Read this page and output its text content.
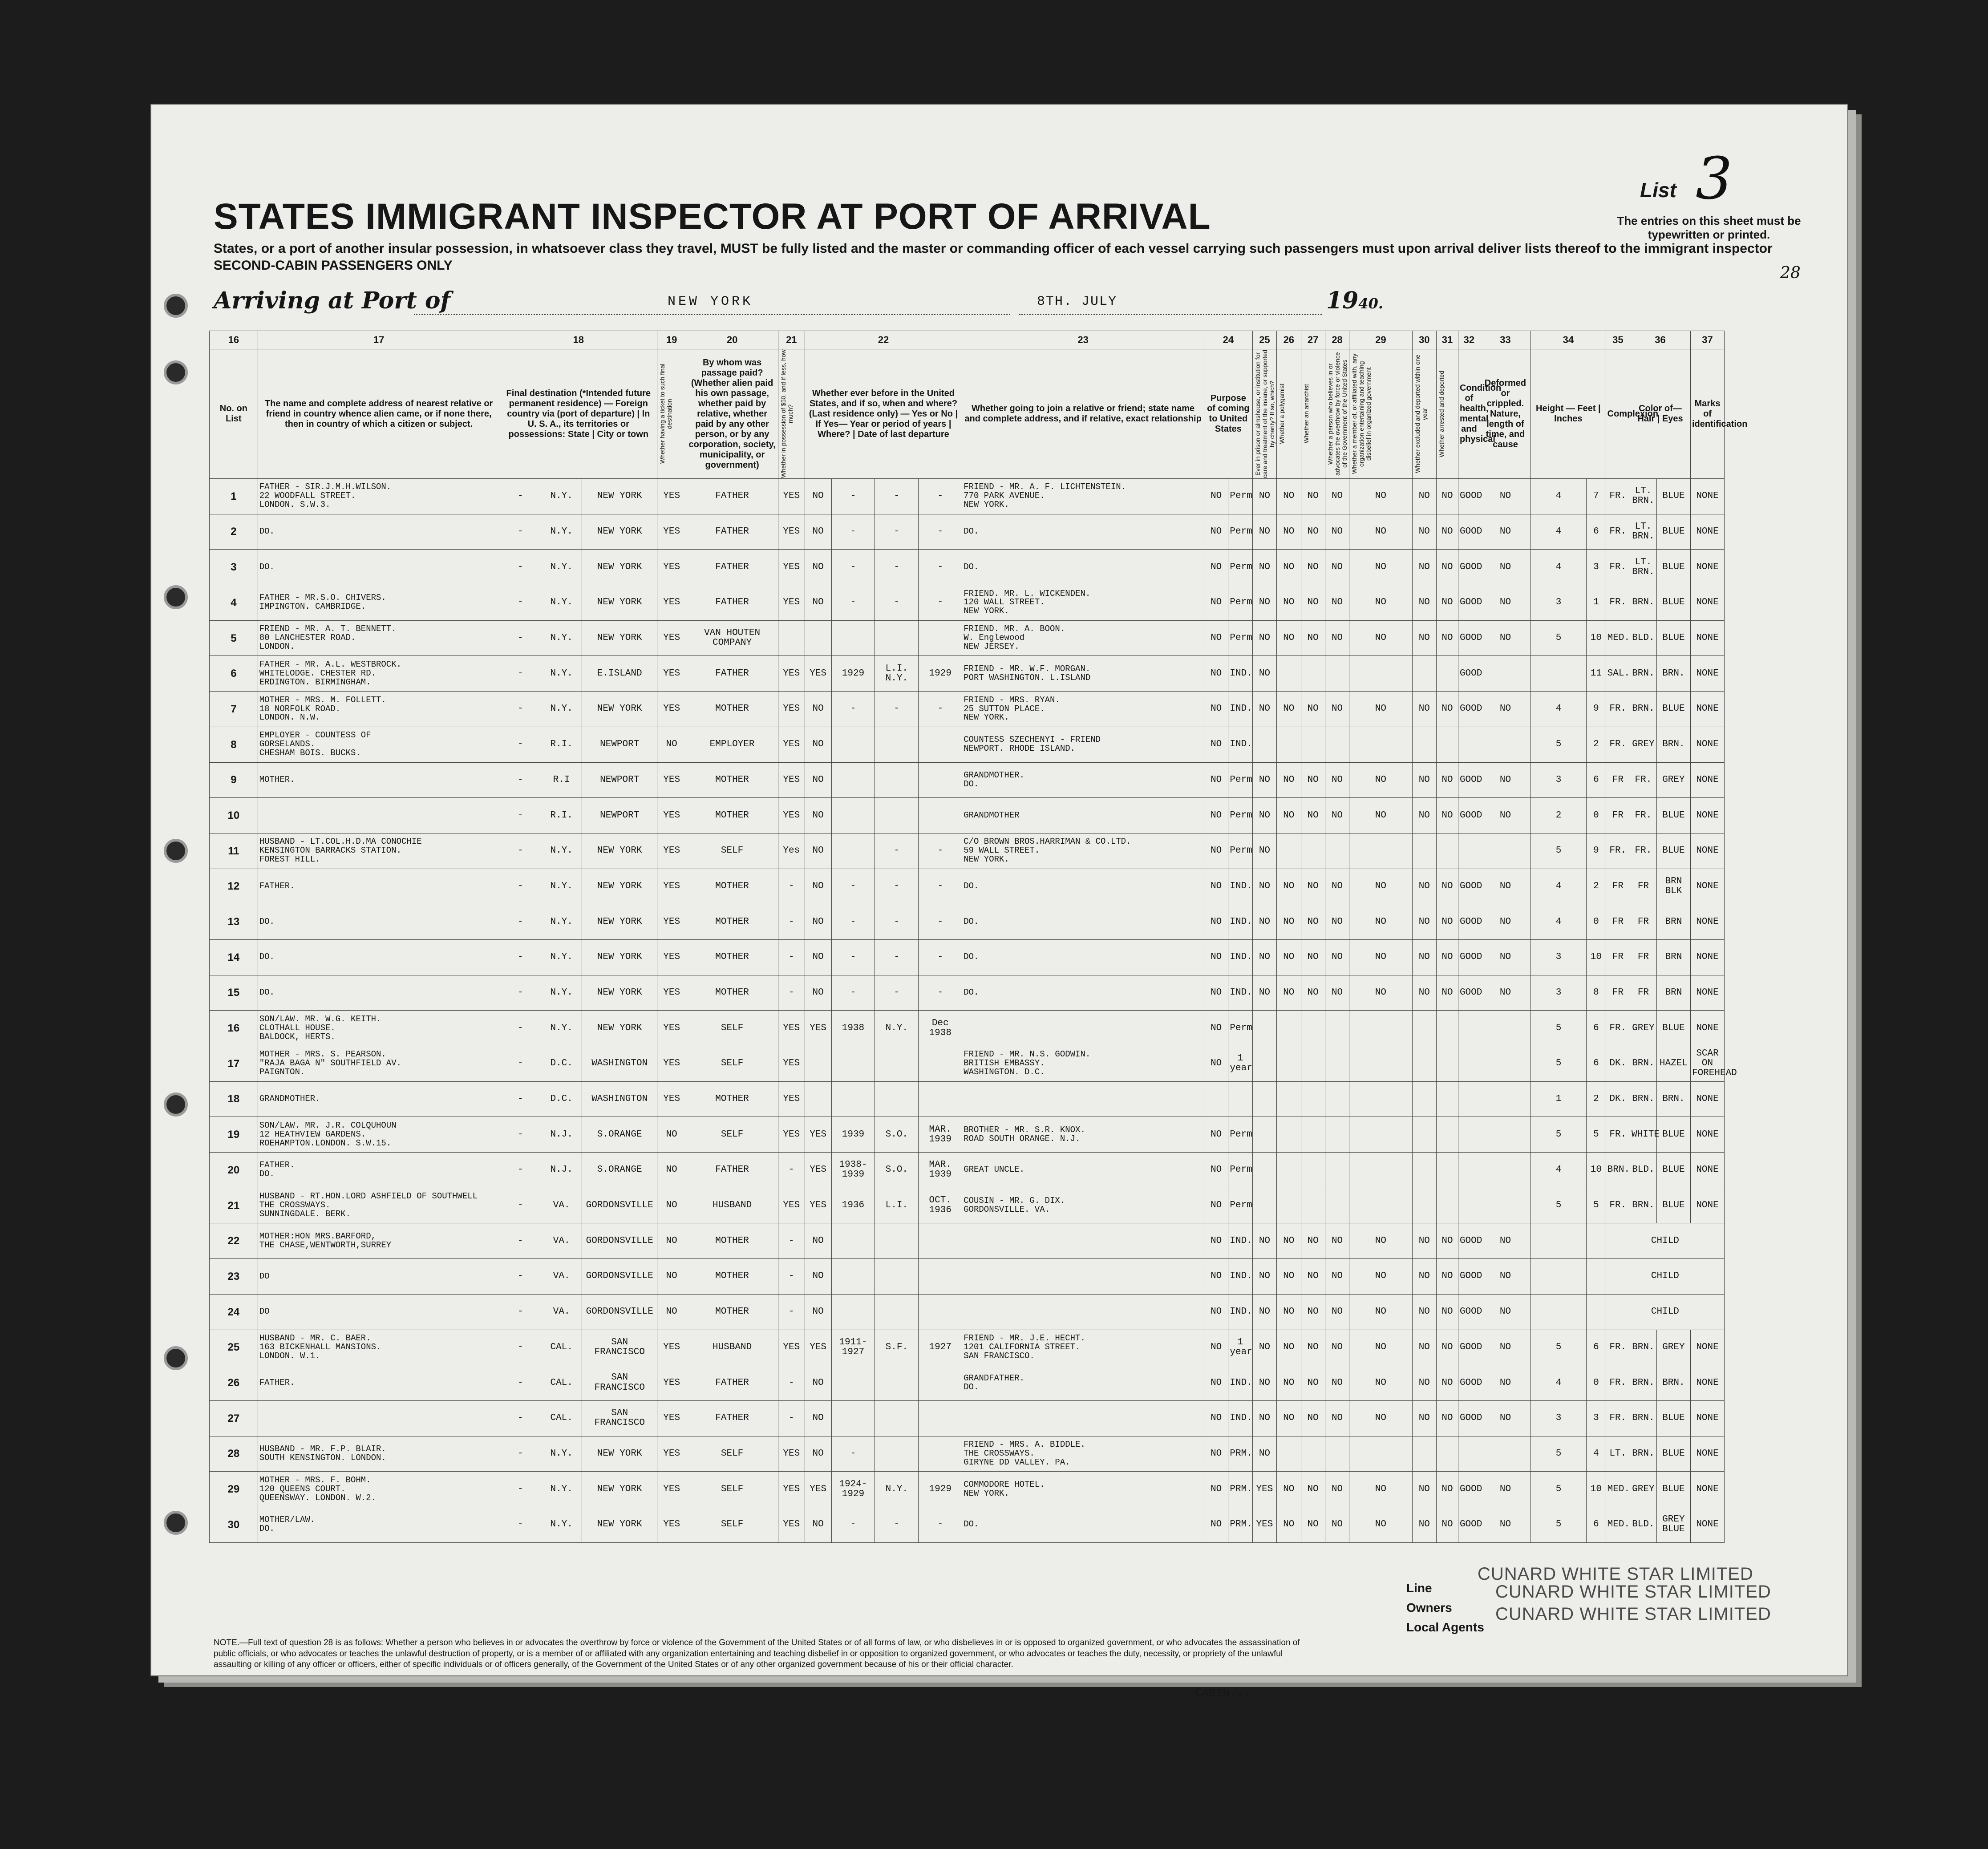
STATES IMMIGRANT INSPECTOR AT PORT OF ARRIVAL
States, or a port of another insular possession, in whatsoever class they travel, MUST be fully listed and the master or commanding officer of each vessel carrying such passengers must upon arrival deliver lists thereof to the immigrant inspector
SECOND-CABIN PASSENGERS ONLY
List 3
The entries on this sheet must be typewritten or printed.
28
Arriving at Port of	NEW YORK	8TH. JULY	1940.
16	17	18			19	20	21	22				23	24		25	26	27	28	29	30	31	32	33	34		35	36		37
No. on List	The name and complete address of nearest relative or friend in country whence alien came, or if none there, then in country of which a citizen or subject.	Final destination (*Intended future permanent residence) — Foreign country via (port of departure) | In U. S. A., its territories or possessions: State | City or town			Whether having a ticket to such final destination	By whom was passage paid? (Whether alien paid his own passage, whether paid by relative, whether paid by any other person, or by any corporation, society, municipality, or government)	Whether in possession of $50, and if less, how much?	Whether ever before in the United States, and if so, when and where? (Last residence only) — Yes or No | If Yes— Year or period of years | Where? | Date of last departure				Whether going to join a relative or friend; state name and complete address, and if relative, exact relationship	Purpose of coming to United States		Ever in prison or almshouse, or institution for care and treatment of the insane, or supported by charity? If so, which?	Whether a polygamist	Whether an anarchist	Whether a person who believes in or advocates the overthrow by force or violence of the Government of the United States	Whether a member of, or affiliated with, any organization entertaining and teaching disbelief in organized government	Whether excluded and deported within one year	Whether arrested and deported	Condition of health, mental and physical	Deformed or crippled. Nature, length of time, and cause	Height — Feet | Inches		Complexion	Color of— Hair | Eyes		Marks of identification
1	FATHER - SIR.J.M.H.WILSON.
22 WOODFALL STREET.
LONDON. S.W.3.	-	N.Y.	NEW YORK	YES	FATHER	YES	NO	-	-	-	FRIEND - MR. A. F. LICHTENSTEIN.
770 PARK AVENUE.
NEW YORK.	NO	Perm	NO	NO	NO	NO	NO	NO	NO	GOOD	NO	4	7	FR.	LT. BRN.	BLUE	NONE
2	DO.	-	N.Y.	NEW YORK	YES	FATHER	YES	NO	-	-	-	DO.	NO	Perm	NO	NO	NO	NO	NO	NO	NO	GOOD	NO	4	6	FR.	LT. BRN.	BLUE	NONE
3	DO.	-	N.Y.	NEW YORK	YES	FATHER	YES	NO	-	-	-	DO.	NO	Perm	NO	NO	NO	NO	NO	NO	NO	GOOD	NO	4	3	FR.	LT. BRN.	BLUE	NONE
4	FATHER - MR.S.O. CHIVERS.
IMPINGTON. CAMBRIDGE.	-	N.Y.	NEW YORK	YES	FATHER	YES	NO	-	-	-	FRIEND. MR. L. WICKENDEN.
120 WALL STREET.
NEW YORK.	NO	Perm	NO	NO	NO	NO	NO	NO	NO	GOOD	NO	3	1	FR.	BRN.	BLUE	NONE
5	FRIEND - MR. A. T. BENNETT.
80 LANCHESTER ROAD.
LONDON.	-	N.Y.	NEW YORK	YES	VAN HOUTEN COMPANY						FRIEND. MR. A. BOON.
W. Englewood
NEW JERSEY.	NO	Perm	NO	NO	NO	NO	NO	NO	NO	GOOD	NO	5	10	MED.	BLD.	BLUE	NONE
6	FATHER - MR. A.L. WESTBROCK.
WHITELODGE. CHESTER RD.
ERDINGTON. BIRMINGHAM.	-	N.Y.	E.ISLAND	YES	FATHER	YES	YES	1929	L.I. N.Y.	1929	FRIEND - MR. W.F. MORGAN.
PORT WASHINGTON. L.ISLAND	NO	IND.	NO							GOOD			11	SAL.	BRN.	BRN.	NONE
7	MOTHER - MRS. M. FOLLETT.
18 NORFOLK ROAD.
LONDON. N.W.	-	N.Y.	NEW YORK	YES	MOTHER	YES	NO	-	-	-	FRIEND - MRS. RYAN.
25 SUTTON PLACE.
NEW YORK.	NO	IND.	NO	NO	NO	NO	NO	NO	NO	GOOD	NO	4	9	FR.	BRN.	BLUE	NONE
8	EMPLOYER - COUNTESS OF
GORSELANDS.
CHESHAM BOIS. BUCKS.	-	R.I.	NEWPORT	NO	EMPLOYER	YES	NO				COUNTESS SZECHENYI - FRIEND
NEWPORT. RHODE ISLAND.	NO	IND.										5	2	FR.	GREY	BRN.	NONE
9	MOTHER.	-	R.I	NEWPORT	YES	MOTHER	YES	NO				GRANDMOTHER.
DO.	NO	Perm	NO	NO	NO	NO	NO	NO	NO	GOOD	NO	3	6	FR	FR.	GREY	NONE
10		-	R.I.	NEWPORT	YES	MOTHER	YES	NO				GRANDMOTHER	NO	Perm	NO	NO	NO	NO	NO	NO	NO	GOOD	NO	2	0	FR	FR.	BLUE	NONE
11	HUSBAND - LT.COL.H.D.MA CONOCHIE
KENSINGTON BARRACKS STATION.
FOREST HILL.	-	N.Y.	NEW YORK	YES	SELF	Yes	NO		-	-	C/O BROWN BROS.HARRIMAN & CO.LTD.
59 WALL STREET.
NEW YORK.	NO	Perm	NO									5	9	FR.	FR.	BLUE	NONE
12	FATHER.	-	N.Y.	NEW YORK	YES	MOTHER	-	NO	-	-	-	DO.	NO	IND.	NO	NO	NO	NO	NO	NO	NO	GOOD	NO	4	2	FR	FR	BRN BLK	NONE
13	DO.	-	N.Y.	NEW YORK	YES	MOTHER	-	NO	-	-	-	DO.	NO	IND.	NO	NO	NO	NO	NO	NO	NO	GOOD	NO	4	0	FR	FR	BRN	NONE
14	DO.	-	N.Y.	NEW YORK	YES	MOTHER	-	NO	-	-	-	DO.	NO	IND.	NO	NO	NO	NO	NO	NO	NO	GOOD	NO	3	10	FR	FR	BRN	NONE
15	DO.	-	N.Y.	NEW YORK	YES	MOTHER	-	NO	-	-	-	DO.	NO	IND.	NO	NO	NO	NO	NO	NO	NO	GOOD	NO	3	8	FR	FR	BRN	NONE
16	SON/LAW. MR. W.G. KEITH.
CLOTHALL HOUSE.
BALDOCK, HERTS.	-	N.Y.	NEW YORK	YES	SELF	YES	YES	1938	N.Y.	Dec 1938		NO	Perm										5	6	FR.	GREY	BLUE	NONE
17	MOTHER - MRS. S. PEARSON.
"RAJA BAGA N" SOUTHFIELD AV.
PAIGNTON.	-	D.C.	WASHINGTON	YES	SELF	YES					FRIEND - MR. N.S. GODWIN.
BRITISH EMBASSY.
WASHINGTON. D.C.	NO	1 year										5	6	DK.	BRN.	HAZEL	SCAR ON FOREHEAD
18	GRANDMOTHER.	-	D.C.	WASHINGTON	YES	MOTHER	YES																	1	2	DK.	BRN.	BRN.	NONE
19	SON/LAW. MR. J.R. COLQUHOUN
12 HEATHVIEW GARDENS.
ROEHAMPTON.LONDON. S.W.15.	-	N.J.	S.ORANGE	NO	SELF	YES	YES	1939	S.O.	MAR. 1939	BROTHER - MR. S.R. KNOX.
ROAD SOUTH ORANGE. N.J.	NO	Perm										5	5	FR.	WHITE	BLUE	NONE
20	FATHER.
DO.	-	N.J.	S.ORANGE	NO	FATHER	-	YES	1938-1939	S.O.	MAR. 1939	GREAT UNCLE.	NO	Perm										4	10	BRN.	BLD.	BLUE	NONE
21	HUSBAND - RT.HON.LORD ASHFIELD OF SOUTHWELL
THE CROSSWAYS.
SUNNINGDALE. BERK.	-	VA.	GORDONSVILLE	NO	HUSBAND	YES	YES	1936	L.I.	OCT. 1936	COUSIN - MR. G. DIX.
GORDONSVILLE. VA.	NO	Perm										5	5	FR.	BRN.	BLUE	NONE
22	MOTHER:HON MRS.BARFORD,
THE CHASE,WENTWORTH,SURREY	-	VA.	GORDONSVILLE	NO	MOTHER	-	NO					NO	IND.	NO	NO	NO	NO	NO	NO	NO	GOOD	NO			CHILD			
23	DO	-	VA.	GORDONSVILLE	NO	MOTHER	-	NO					NO	IND.	NO	NO	NO	NO	NO	NO	NO	GOOD	NO			CHILD			
24	DO	-	VA.	GORDONSVILLE	NO	MOTHER	-	NO					NO	IND.	NO	NO	NO	NO	NO	NO	NO	GOOD	NO			CHILD			
25	HUSBAND - MR. C. BAER.
163 BICKENHALL MANSIONS.
LONDON. W.1.	-	CAL.	SAN FRANCISCO	YES	HUSBAND	YES	YES	1911-1927	S.F.	1927	FRIEND - MR. J.E. HECHT.
1201 CALIFORNIA STREET.
SAN FRANCISCO.	NO	1 year	NO	NO	NO	NO	NO	NO	NO	GOOD	NO	5	6	FR.	BRN.	GREY	NONE
26	FATHER.	-	CAL.	SAN FRANCISCO	YES	FATHER	-	NO				GRANDFATHER.
DO.	NO	IND.	NO	NO	NO	NO	NO	NO	NO	GOOD	NO	4	0	FR.	BRN.	BRN.	NONE
27		-	CAL.	SAN FRANCISCO	YES	FATHER	-	NO					NO	IND.	NO	NO	NO	NO	NO	NO	NO	GOOD	NO	3	3	FR.	BRN.	BLUE	NONE
28	HUSBAND - MR. F.P. BLAIR.
SOUTH KENSINGTON. LONDON.	-	N.Y.	NEW YORK	YES	SELF	YES	NO	-			FRIEND - MRS. A. BIDDLE.
THE CROSSWAYS.
GIRYNE DD VALLEY. PA.	NO	PRM.	NO									5	4	LT.	BRN.	BLUE	NONE
29	MOTHER - MRS. F. BOHM.
120 QUEENS COURT.
QUEENSWAY. LONDON. W.2.	-	N.Y.	NEW YORK	YES	SELF	YES	YES	1924-1929	N.Y.	1929	COMMODORE HOTEL.
NEW YORK.	NO	PRM.	YES	NO	NO	NO	NO	NO	NO	GOOD	NO	5	10	MED.	GREY	BLUE	NONE
30	MOTHER/LAW.
DO.	-	N.Y.	NEW YORK	YES	SELF	YES	NO	-	-	-	DO.	NO	PRM.	YES	NO	NO	NO	NO	NO	NO	GOOD	NO	5	6	MED.	BLD.	GREY BLUE	NONE
NOTE.—Full text of question 28 is as follows: Whether a person who believes in or advocates the overthrow by force or violence of the Government of the United States or of all forms of law, or who disbelieves in or is opposed to organized government, or who advocates the assassination of public officials, or who advocates or teaches the unlawful destruction of property, or is a member of or affiliated with any organization entertaining and teaching disbelief in or opposition to organized government, or who advocates or teaches the duty, necessity, or propriety of the unlawful assaulting or killing of any officer or officers, either of specific individuals or of officers generally, of the Government of the United States or of any other organized government because of his or their official character.
CABIN.....
Line
Owners
Local Agents
CUNARD WHITE STAR LIMITED
CUNARD WHITE STAR LIMITED
CUNARD WHITE STAR LIMITED
